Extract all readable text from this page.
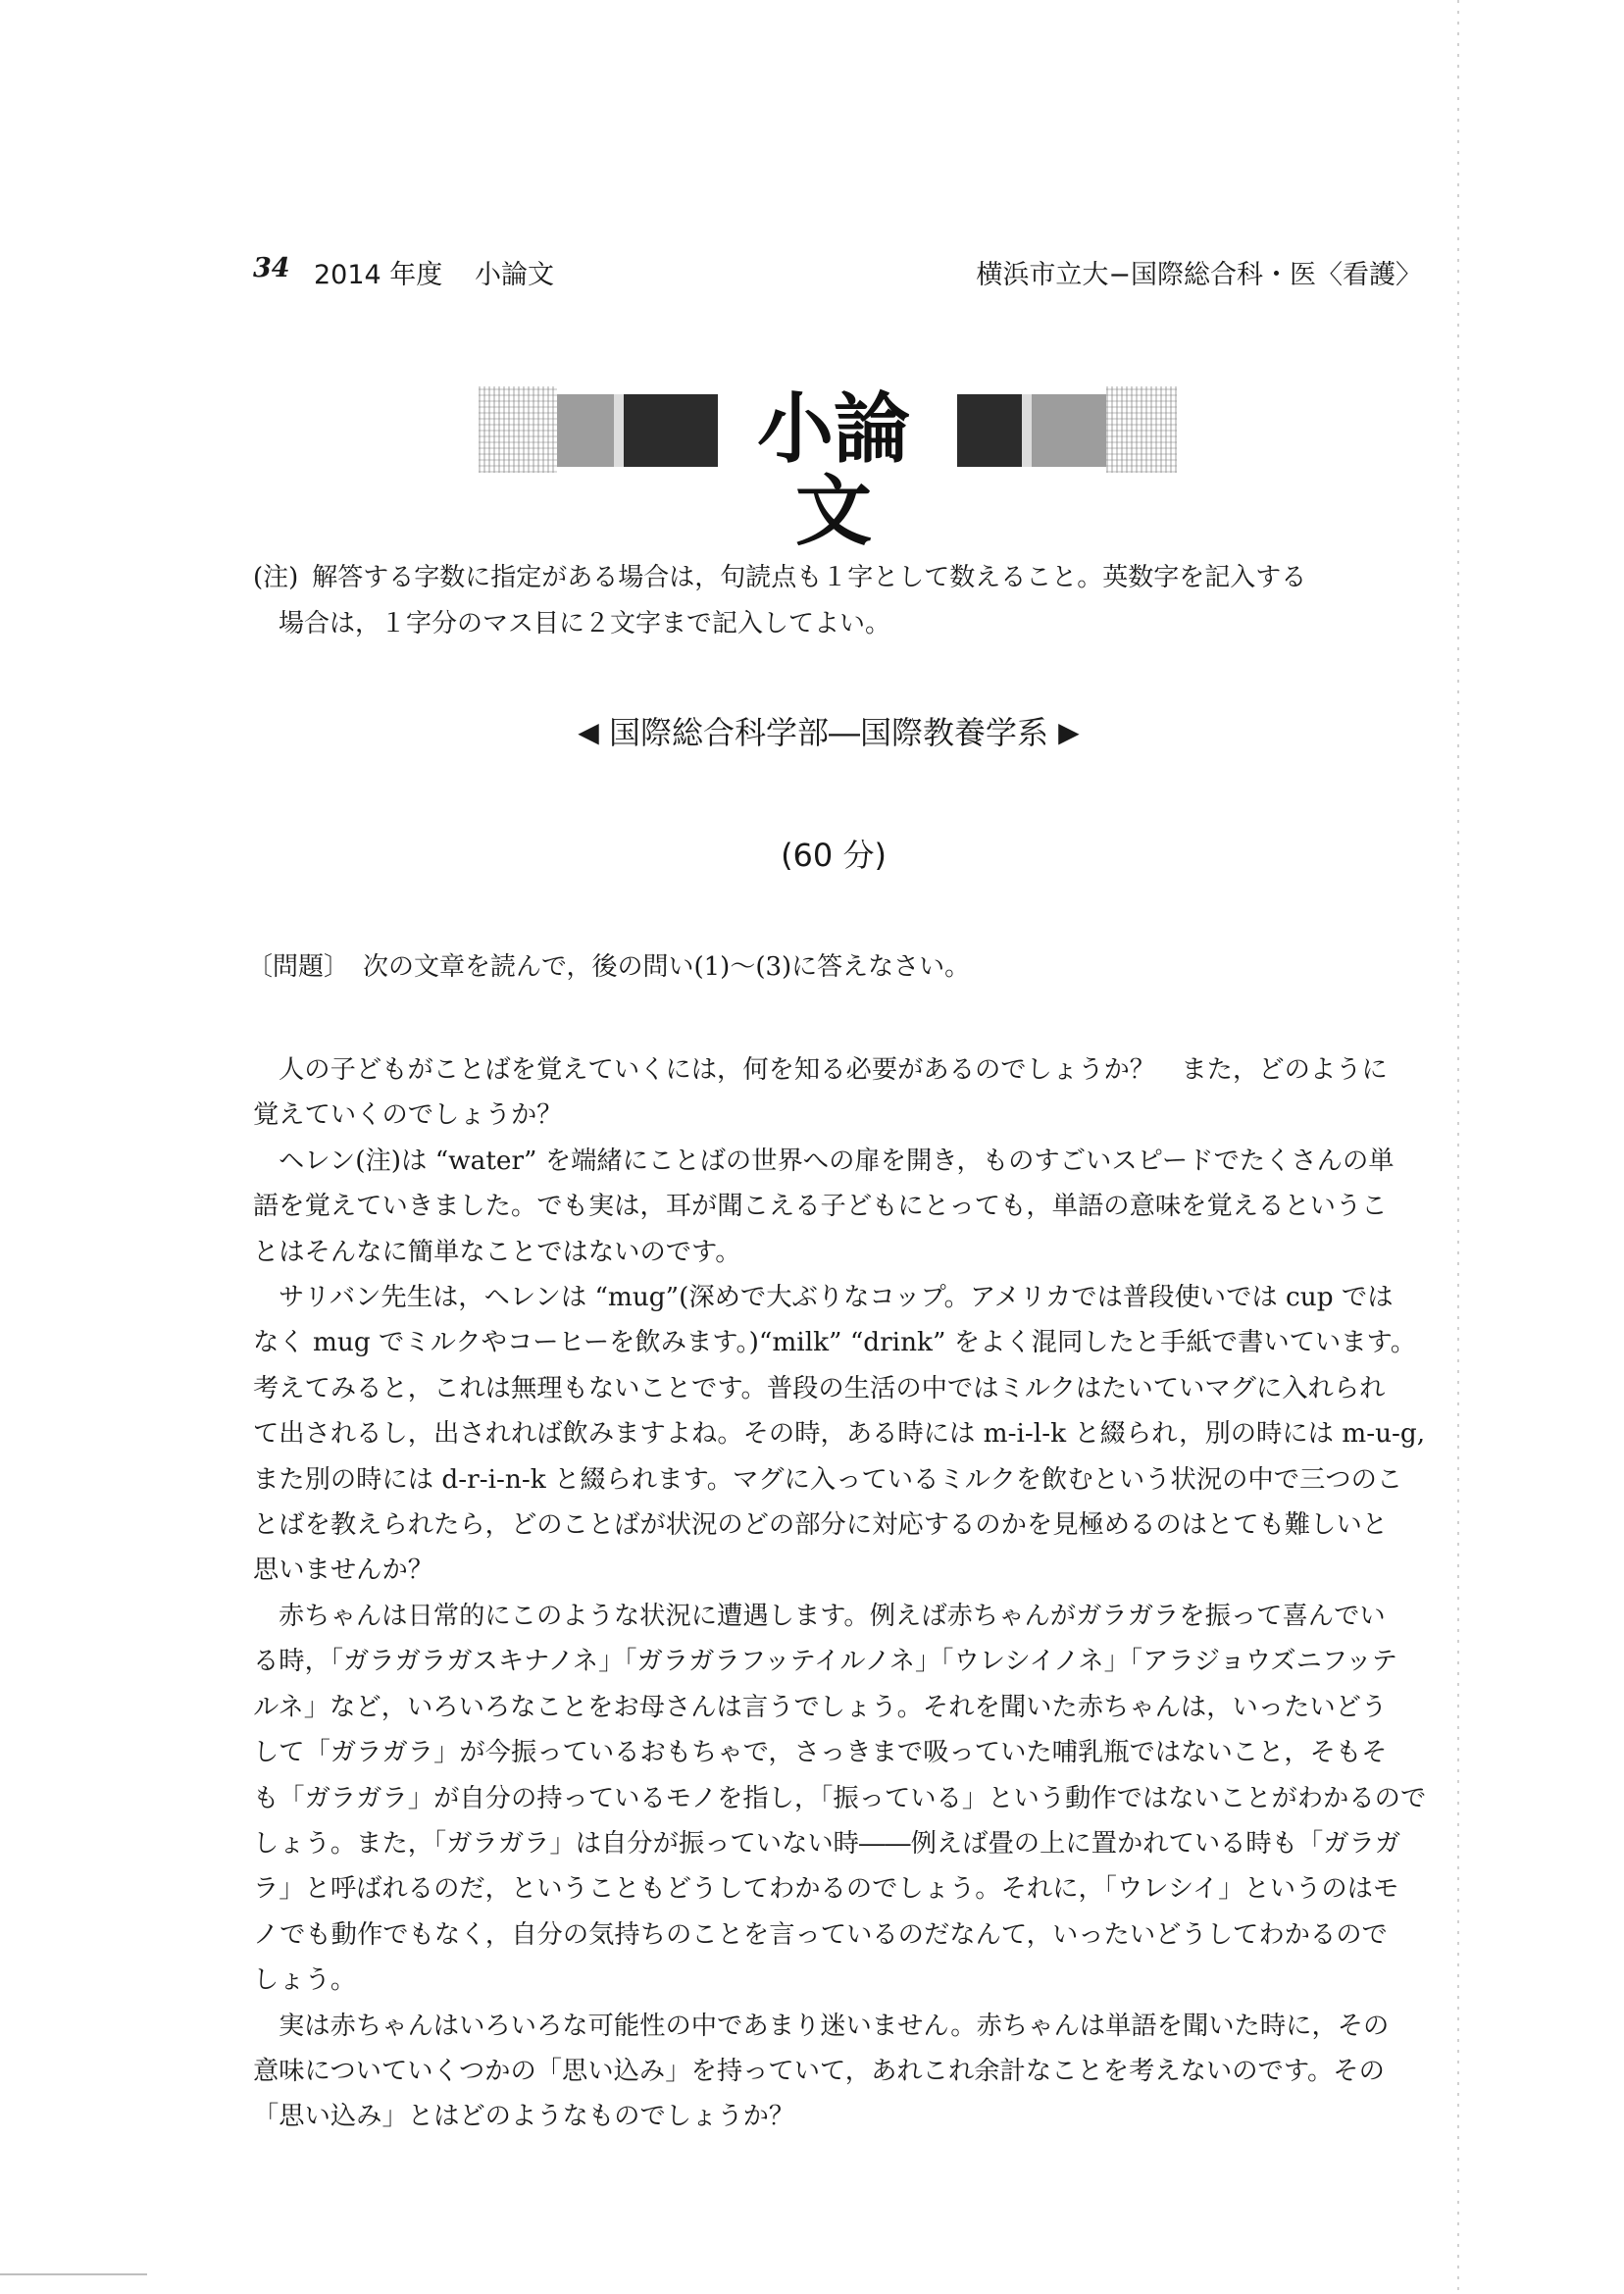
34 2014 年度 小論文	横浜市立大−国際総合科・医〈看護〉
小論文
(注) 解答する字数に指定がある場合は，句読点も１字として数えること。英数字を記入する
場合は，１字分のマス目に２文字まで記入してよい。
◀ 国際総合科学部―国際教養学系 ▶
(60 分)
〔問題〕 次の文章を読んで，後の問い(1)〜(3)に答えなさい。
人の子どもがことばを覚えていくには，何を知る必要があるのでしょうか？　また，どのように
覚えていくのでしょうか？
ヘレン(注)は “water” を端緒にことばの世界への扉を開き，ものすごいスピードでたくさんの単
語を覚えていきました。でも実は，耳が聞こえる子どもにとっても，単語の意味を覚えるというこ
とはそんなに簡単なことではないのです。
サリバン先生は，ヘレンは “mug”(深めで大ぶりなコップ。アメリカでは普段使いでは cup では
なく mug でミルクやコーヒーを飲みます。)“milk” “drink” をよく混同したと手紙で書いています。
考えてみると，これは無理もないことです。普段の生活の中ではミルクはたいていマグに入れられ
て出されるし，出されれば飲みますよね。その時，ある時には m-i-l-k と綴られ，別の時には m-u-g,
また別の時には d-r-i-n-k と綴られます。マグに入っているミルクを飲むという状況の中で三つのこ
とばを教えられたら，どのことばが状況のどの部分に対応するのかを見極めるのはとても難しいと
思いませんか？
赤ちゃんは日常的にこのような状況に遭遇します。例えば赤ちゃんがガラガラを振って喜んでい
る時，「ガラガラガスキナノネ」「ガラガラフッテイルノネ」「ウレシイノネ」「アラジョウズニフッテ
ルネ」など，いろいろなことをお母さんは言うでしょう。それを聞いた赤ちゃんは，いったいどう
して「ガラガラ」が今振っているおもちゃで，さっきまで吸っていた哺乳瓶ではないこと，そもそ
も「ガラガラ」が自分の持っているモノを指し，「振っている」という動作ではないことがわかるので
しょう。また，「ガラガラ」は自分が振っていない時――例えば畳の上に置かれている時も「ガラガ
ラ」と呼ばれるのだ，ということもどうしてわかるのでしょう。それに，「ウレシイ」というのはモ
ノでも動作でもなく，自分の気持ちのことを言っているのだなんて，いったいどうしてわかるので
しょう。
実は赤ちゃんはいろいろな可能性の中であまり迷いません。赤ちゃんは単語を聞いた時に，その
意味についていくつかの「思い込み」を持っていて，あれこれ余計なことを考えないのです。その
「思い込み」とはどのようなものでしょうか？
